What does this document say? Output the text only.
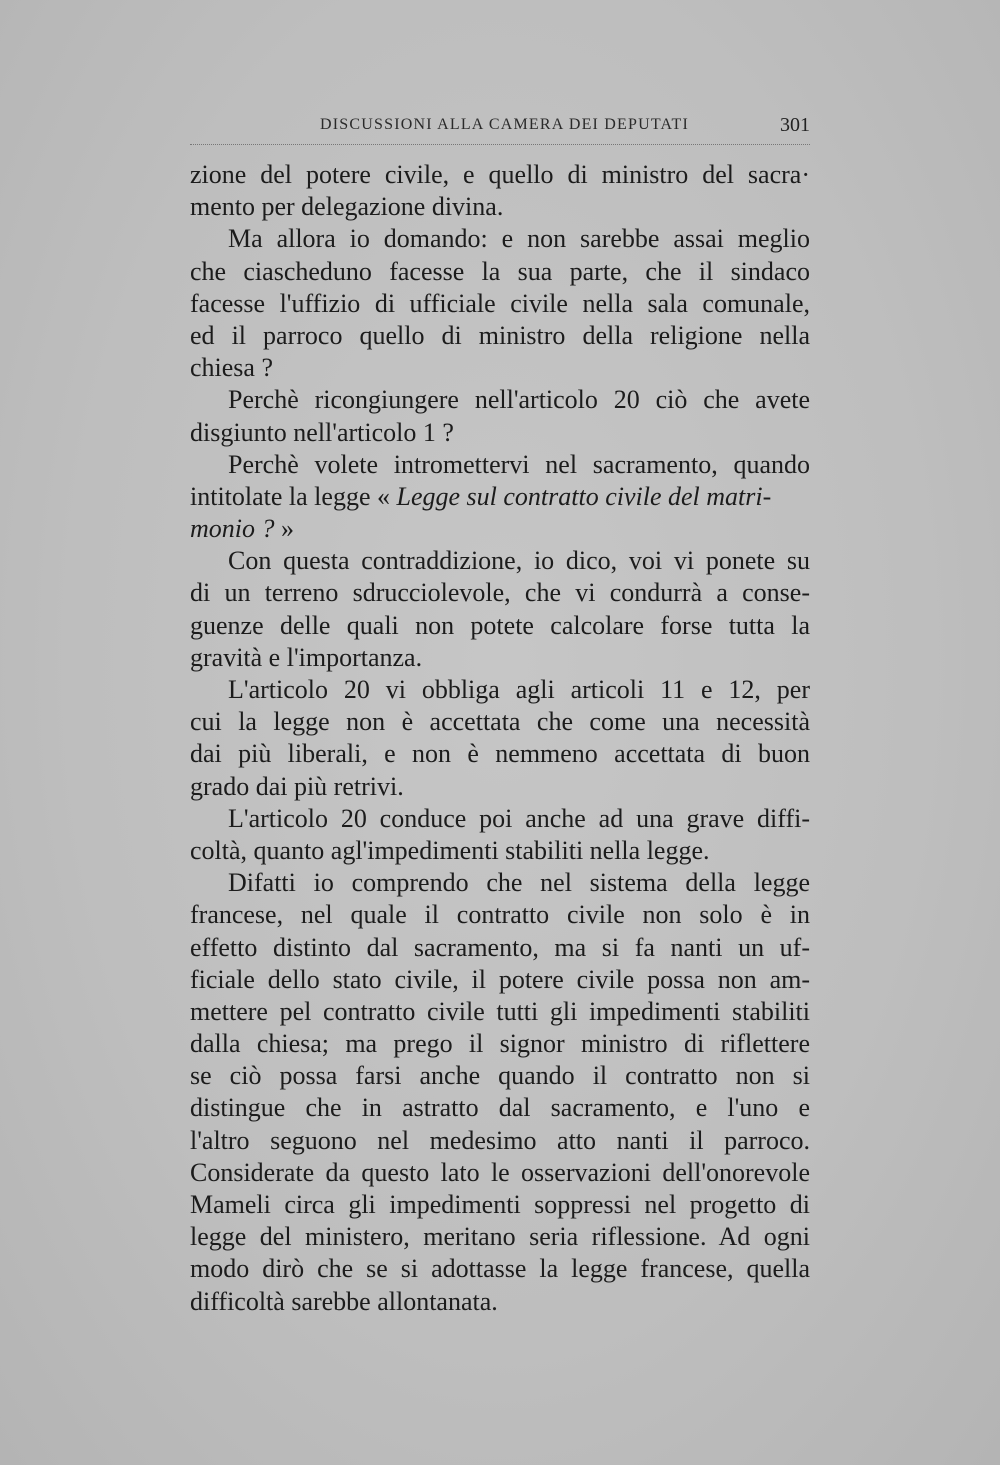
DISCUSSIONI ALLA CAMERA DEI DEPUTATI	301
zione del potere civile, e quello di ministro del sacra·
mento per delegazione divina.
Ma allora io domando: e non sarebbe assai meglio
che ciascheduno facesse la sua parte, che il sindaco
facesse l'uffizio di ufficiale civile nella sala comunale,
ed il parroco quello di ministro della religione nella
chiesa ?
Perchè ricongiungere nell'articolo 20 ciò che avete
disgiunto nell'articolo 1 ?
Perchè volete intromettervi nel sacramento, quando
intitolate la legge « Legge sul contratto civile del matri-
monio ? »
Con questa contraddizione, io dico, voi vi ponete su
di un terreno sdrucciolevole, che vi condurrà a conse-
guenze delle quali non potete calcolare forse tutta la
gravità e l'importanza.
L'articolo 20 vi obbliga agli articoli 11 e 12, per
cui la legge non è accettata che come una necessità
dai più liberali, e non è nemmeno accettata di buon
grado dai più retrivi.
L'articolo 20 conduce poi anche ad una grave diffi-
coltà, quanto agl'impedimenti stabiliti nella legge.
Difatti io comprendo che nel sistema della legge
francese, nel quale il contratto civile non solo è in
effetto distinto dal sacramento, ma si fa nanti un uf-
ficiale dello stato civile, il potere civile possa non am-
mettere pel contratto civile tutti gli impedimenti stabiliti
dalla chiesa; ma prego il signor ministro di riflettere
se ciò possa farsi anche quando il contratto non si
distingue che in astratto dal sacramento, e l'uno e
l'altro seguono nel medesimo atto nanti il parroco.
Considerate da questo lato le osservazioni dell'onorevole
Mameli circa gli impedimenti soppressi nel progetto di
legge del ministero, meritano seria riflessione. Ad ogni
modo dirò che se si adottasse la legge francese, quella
difficoltà sarebbe allontanata.
